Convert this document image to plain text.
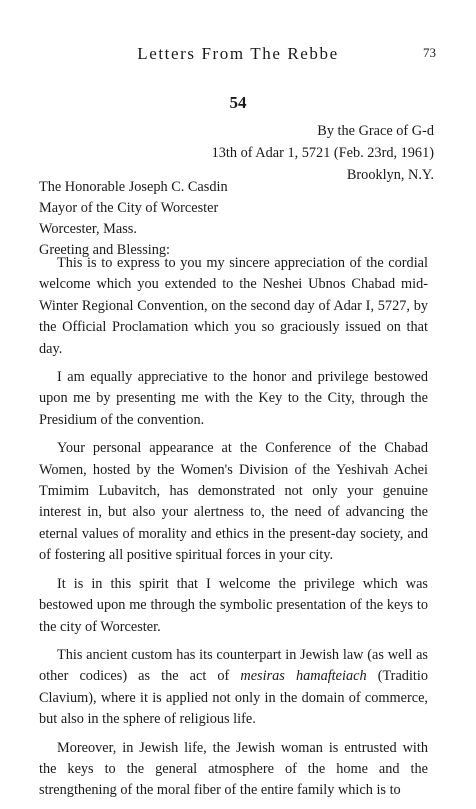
Letters From The Rebbe	73
54
By the Grace of G-d
13th of Adar 1, 5721 (Feb. 23rd, 1961)
Brooklyn, N.Y.
The Honorable Joseph C. Casdin
Mayor of the City of Worcester
Worcester, Mass.
Greeting and Blessing:

This is to express to you my sincere appreciation of the cordial welcome which you extended to the Neshei Ubnos Chabad mid-Winter Regional Convention, on the second day of Adar I, 5727, by the Official Proclamation which you so graciously issued on that day.

I am equally appreciative to the honor and privilege bestowed upon me by presenting me with the Key to the City, through the Presidium of the convention.

Your personal appearance at the Conference of the Chabad Women, hosted by the Women's Division of the Yeshivah Achei Tmimim Lubavitch, has demonstrated not only your genuine interest in, but also your alertness to, the need of advancing the eternal values of morality and ethics in the present-day society, and of fostering all positive spiritual forces in your city.

It is in this spirit that I welcome the privilege which was bestowed upon me through the symbolic presentation of the keys to the city of Worcester.

This ancient custom has its counterpart in Jewish law (as well as other codices) as the act of mesiras hamafteiach (Traditio Clavium), where it is applied not only in the domain of commerce, but also in the sphere of religious life.

Moreover, in Jewish life, the Jewish woman is entrusted with the keys to the general atmosphere of the home and the strengthening of the moral fiber of the entire family which is to
